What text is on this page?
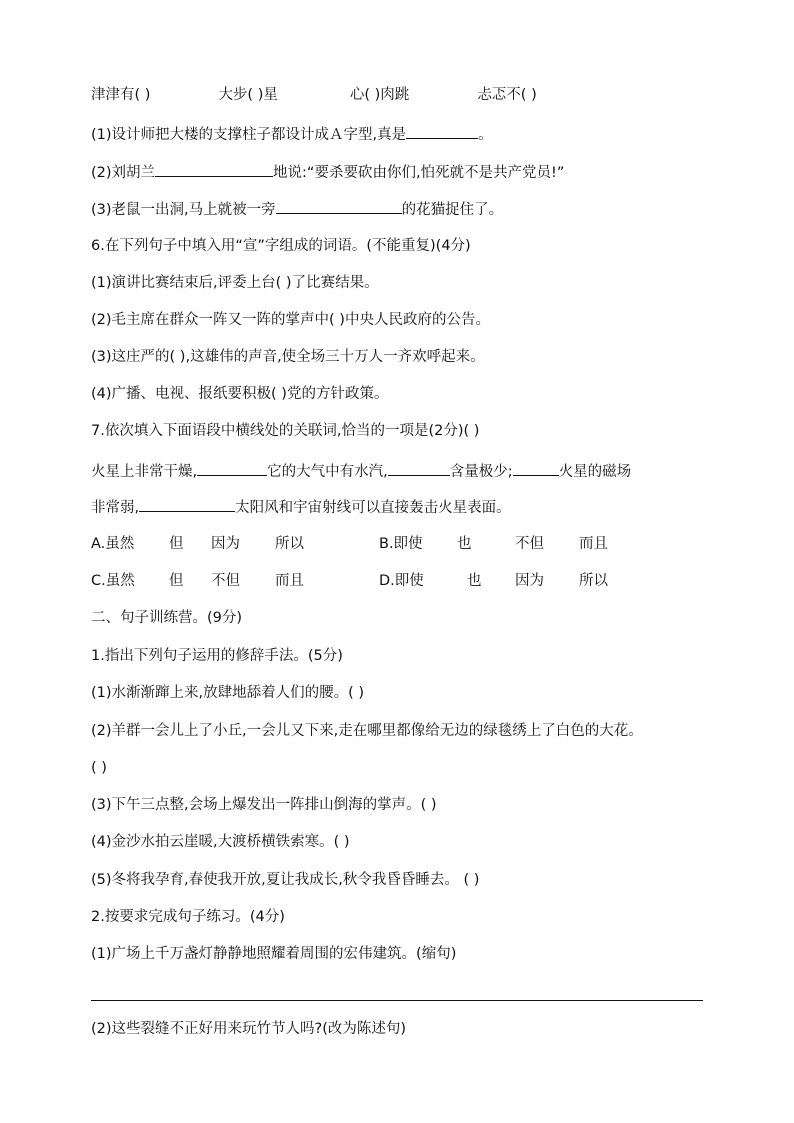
津津有( )	大步( )星	心( )肉跳	忐忑不( )
(1)设计师把大楼的支撑柱子都设计成Ａ字型,真是	。
(2)刘胡兰	地说:“要杀要砍由你们,怕死就不是共产党员!”
(3)老鼠一出洞,马上就被一旁	的花猫捉住了。
6.在下列句子中填入用“宣”字组成的词语。(不能重复)(4分)
(1)演讲比赛结束后,评委上台( )了比赛结果。
(2)毛主席在群众一阵又一阵的掌声中( )中央人民政府的公告。
(3)这庄严的( ),这雄伟的声音,使全场三十万人一齐欢呼起来。
(4)广播、电视、报纸要积极( )党的方针政策。
7.依次填入下面语段中横线处的关联词,恰当的一项是(2分)( )
火星上非常干燥,	它的大气中有水汽,	含量极少;	火星的磁场
非常弱,	太阳风和宇宙射线可以直接轰击火星表面。
A.虽然 但 因为 所以	B.即使 也	不但 而且
C.虽然 但 不但 而且	D.即使	也 因为 所以
二、句子训练营。(9分)
1.指出下列句子运用的修辞手法。(5分)
(1)水渐渐蹿上来,放肆地舔着人们的腰。( )
(2)羊群一会儿上了小丘,一会儿又下来,走在哪里都像给无边的绿毯绣上了白色的大花。
( )
(3)下午三点整,会场上爆发出一阵排山倒海的掌声。( )
(4)金沙水拍云崖暖,大渡桥横铁索寒。( )
(5)冬将我孕育,春使我开放,夏让我成长,秋令我昏昏睡去。 ( )
2.按要求完成句子练习。(4分)
(1)广场上千万盏灯静静地照耀着周围的宏伟建筑。(缩句)
(2)这些裂缝不正好用来玩竹节人吗?(改为陈述句)
